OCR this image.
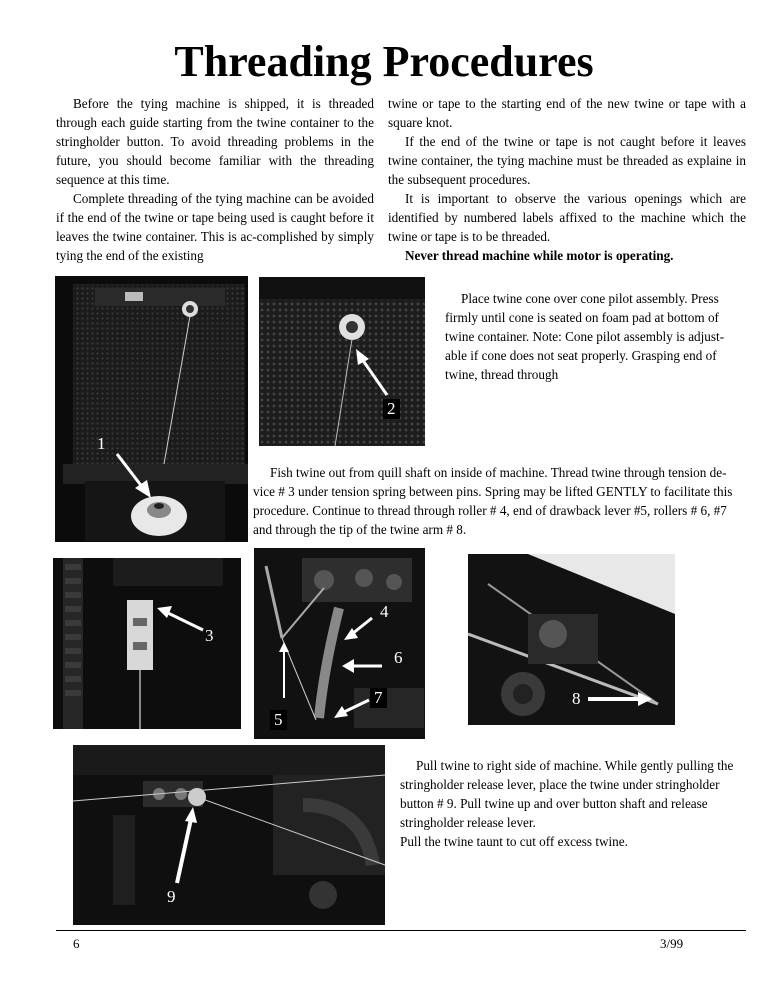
Threading Procedures

Before the tying machine is shipped, it is threaded through each guide starting from the twine container to the stringholder button. To avoid threading problems in the future, you should become familiar with the threading sequence at this time.

Complete threading of the tying machine can be avoided if the end of the twine or tape being used is caught before it leaves the twine container. This is ac-complished by simply tying the end of the existing

twine or tape to the starting end of the new twine or tape with a square knot.

If the end of the twine or tape is not caught before it leaves twine container, the tying machine must be threaded as explaine in the subsequent procedures.

It is important to observe the various openings which are identified by numbered labels affixed to the machine which the twine or tape is to be threaded.

Never thread machine while motor is operating.

1
2

Place twine cone over cone pilot assembly. Press firmly until cone is seated on foam pad at bottom of twine container. Note: Cone pilot assembly is adjust-able if cone does not seat properly. Grasping end of twine, thread through

Fish twine out from quill shaft on inside of machine. Thread twine through tension de-vice # 3 under tension spring between pins. Spring may be lifted GENTLY to facilitate this procedure. Continue to thread through roller # 4, end of drawback lever #5, rollers # 6, #7 and through the tip of the twine arm # 8.

3
4
6
7
5
8
9

Pull twine to right side of machine. While gently pulling the stringholder release lever, place the twine under stringholder button # 9. Pull twine up and over button shaft and release stringholder release lever.

Pull the twine taunt to cut off excess twine.

6	3/99
